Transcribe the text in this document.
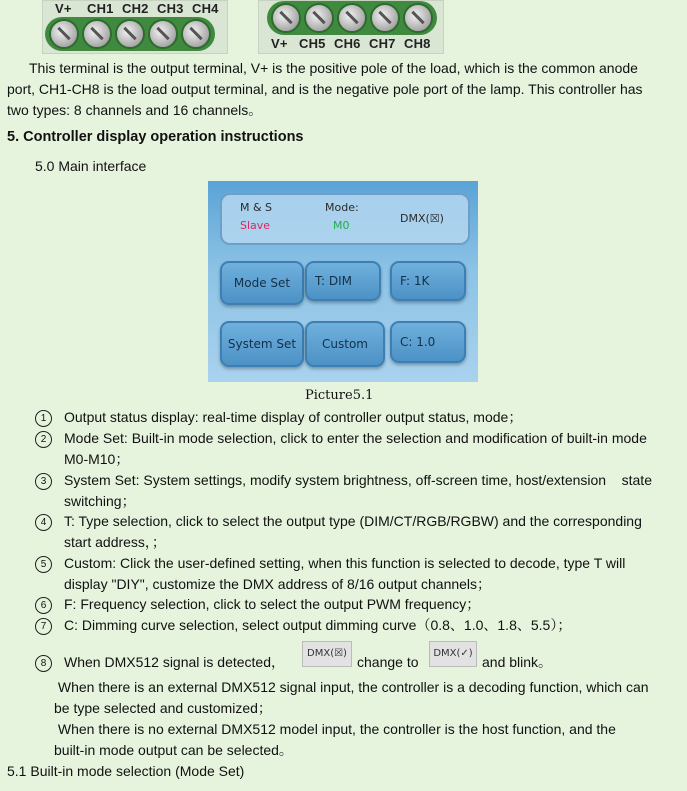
V+ CH1 CH2 CH3 CH4
V+ CH5 CH6 CH7 CH8
This terminal is the output terminal, V+ is the positive pole of the load, which is the common anode
port, CH1-CH8 is the load output terminal, and is the negative pole port of the lamp. This controller has
two types: 8 channels and 16 channels。
5. Controller display operation instructions
5.0 Main interface
M & S
Slave
Mode:
M0
DMX(☒)
Mode Set T: DIM	F: 1K
System Set Custom	C: 1.0
Picture5.1
1	Output status display: real-time display of controller output status, mode；
2	Mode Set: Built-in mode selection, click to enter the selection and modification of built-in mode
M0-M10；
3	System Set: System settings, modify system brightness, off-screen time, host/extension    state
switching；
4	T: Type selection, click to select the output type (DIM/CT/RGB/RGBW) and the corresponding
start address，；
5	Custom: Click the user-defined setting, when this function is selected to decode, type T will
display "DIY", customize the DMX address of 8/16 output channels；
6	F: Frequency selection, click to select the output PWM frequency；
7	C: Dimming curve selection, select output dimming curve（0.8、1.0、1.8、5.5）；
8	When DMX512 signal is detected，
DMX(☒)
change to
DMX(✓)
and blink。
When there is an external DMX512 signal input, the controller is a decoding function, which can
be type selected and customized；
When there is no external DMX512 model input, the controller is the host function, and the
built-in mode output can be selected。
5.1 Built-in mode selection (Mode Set)
